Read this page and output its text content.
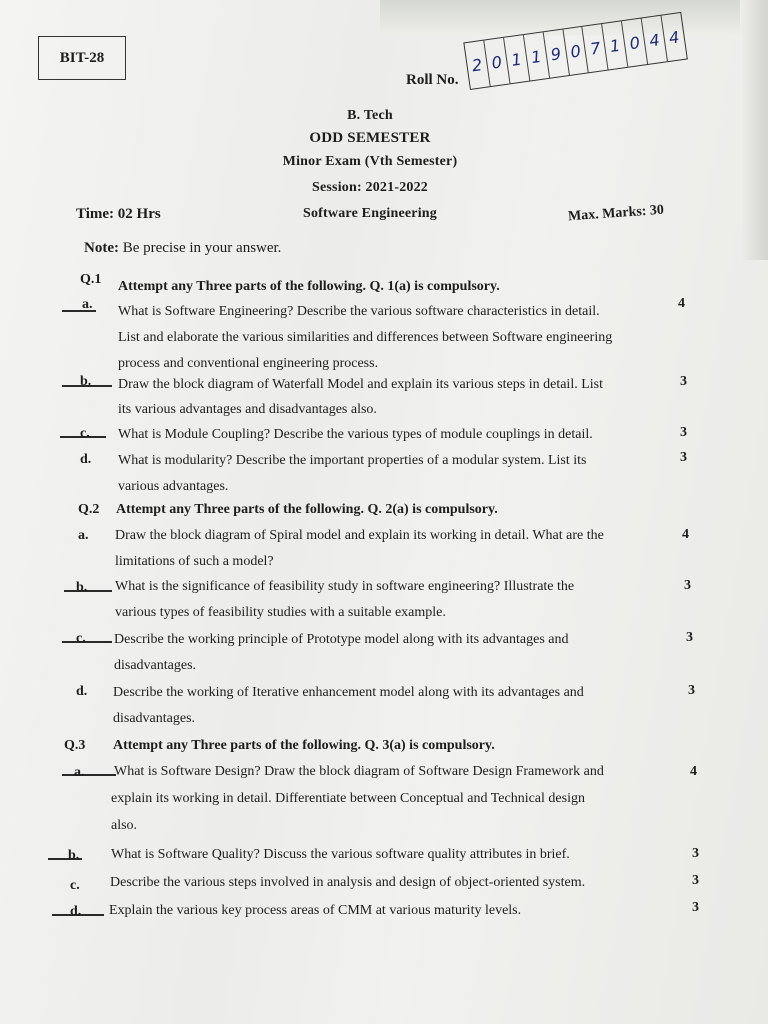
BIT-28
Roll No.
2 0 1 1 9 0 7 1 0 4 4
B. Tech
ODD SEMESTER
Minor Exam (Vth Semester)
Session: 2021-2022
Software Engineering
Time: 02 Hrs	Max. Marks: 30
Note: Be precise in your answer.
Q.1 Attempt any Three parts of the following. Q. 1(a) is compulsory.
a. What is Software Engineering? Describe the various software characteristics in detail.
List and elaborate the various similarities and differences between Software engineering
process and conventional engineering process.
4
b. Draw the block diagram of Waterfall Model and explain its various steps in detail. List
its various advantages and disadvantages also.
3
c. What is Module Coupling? Describe the various types of module couplings in detail.	3
d. What is modularity? Describe the important properties of a modular system. List its
various advantages.
3
Q.2 Attempt any Three parts of the following. Q. 2(a) is compulsory.
a. Draw the block diagram of Spiral model and explain its working in detail. What are the
limitations of such a model?
4
b. What is the significance of feasibility study in software engineering? Illustrate the
various types of feasibility studies with a suitable example.
3
c. Describe the working principle of Prototype model along with its advantages and
disadvantages.
3
d. Describe the working of Iterative enhancement model along with its advantages and
disadvantages.
3
Q.3 Attempt any Three parts of the following. Q. 3(a) is compulsory.
a. What is Software Design? Draw the block diagram of Software Design Framework and
explain its working in detail. Differentiate between Conceptual and Technical design
also.
4
b. What is Software Quality? Discuss the various software quality attributes in brief.	3
c. Describe the various steps involved in analysis and design of object-oriented system.	3
d. Explain the various key process areas of CMM at various maturity levels.	3
